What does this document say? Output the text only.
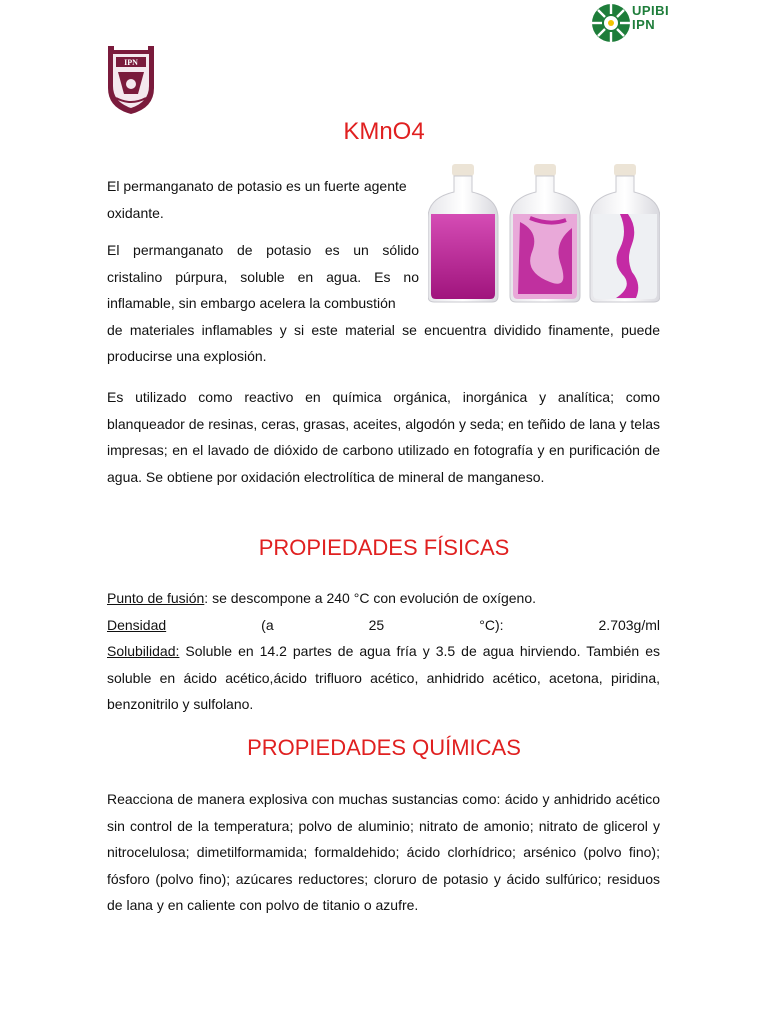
IPN
UPIBI
IPN
KMnO4

El permanganato de potasio es un fuerte agente oxidante.

El permanganato de potasio es un sólido cristalino púrpura, soluble en agua. Es no inflamable, sin embargo acelera la combustión
de materiales inflamables y si este material se encuentra dividido finamente, puede producirse una explosión.

Es utilizado como reactivo en química orgánica, inorgánica y analítica; como blanqueador de resinas, ceras, grasas, aceites, algodón y seda; en teñido de lana y telas impresas; en el lavado de dióxido de carbono utilizado en fotografía y en purificación de agua. Se obtiene por oxidación electrolítica de mineral de manganeso.

PROPIEDADES FÍSICAS
Punto de fusión: se descompone a 240 °C con evolución de oxígeno.
Densidad	(a	25	°C):	2.703g/ml
Solubilidad: Soluble en 14.2 partes de agua fría y 3.5 de agua hirviendo. También es soluble en ácido acético,ácido trifluoro acético, anhidrido acético, acetona, piridina, benzonitrilo y sulfolano.
PROPIEDADES QUÍMICAS

Reacciona de manera explosiva con muchas sustancias como: ácido y anhidrido acético sin control de la temperatura; polvo de aluminio; nitrato de amonio; nitrato de glicerol y nitrocelulosa; dimetilformamida; formaldehido; ácido clorhídrico; arsénico (polvo fino); fósforo (polvo fino); azúcares reductores; cloruro de potasio y ácido sulfúrico; residuos de lana y en caliente con polvo de titanio o azufre.
